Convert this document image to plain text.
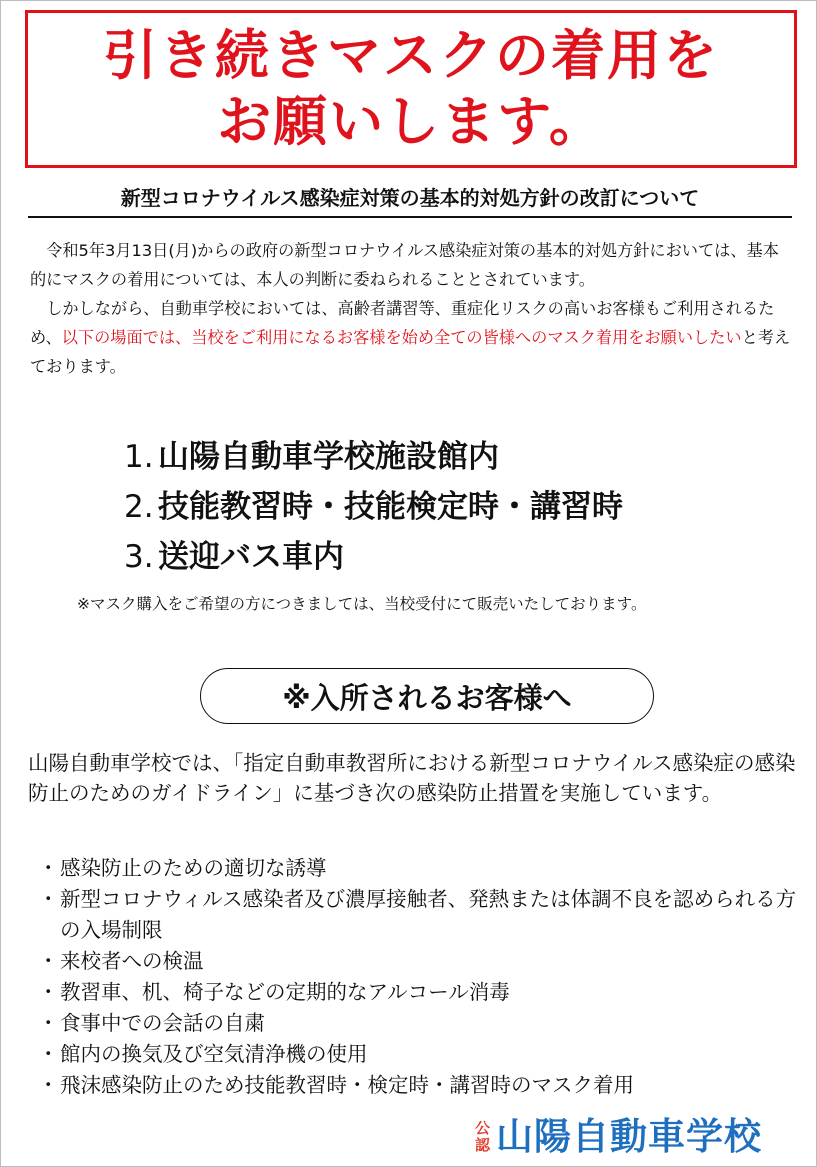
引き続きマスクの着用を
お願いします。
新型コロナウイルス感染症対策の基本的対処方針の改訂について

令和5年3月13日(月)からの政府の新型コロナウイルス感染症対策の基本的対処方針においては、基本的にマスクの着用については、本人の判断に委ねられることとされています。

しかしながら、自動車学校においては、高齢者講習等、重症化リスクの高いお客様もご利用されるため、以下の場面では、当校をご利用になるお客様を始め全ての皆様へのマスク着用をお願いしたいと考えております。

1. 山陽自動車学校施設館内
2. 技能教習時・技能検定時・講習時
3. 送迎バス車内
※マスク購入をご希望の方につきましては、当校受付にて販売いたしております。
※入所されるお客様へ
山陽自動車学校では、「指定自動車教習所における新型コロナウイルス感染症の感染防止のためのガイドライン」に基づき次の感染防止措置を実施しています。
・ 感染防止のための適切な誘導
・ 新型コロナウィルス感染者及び濃厚接触者、発熱または体調不良を認められる方の入場制限
・ 来校者への検温
・ 教習車、机、椅子などの定期的なアルコール消毒
・ 食事中での会話の自粛
・ 館内の換気及び空気清浄機の使用
・ 飛沫感染防止のため技能教習時・検定時・講習時のマスク着用
公
認 山陽自動車学校
